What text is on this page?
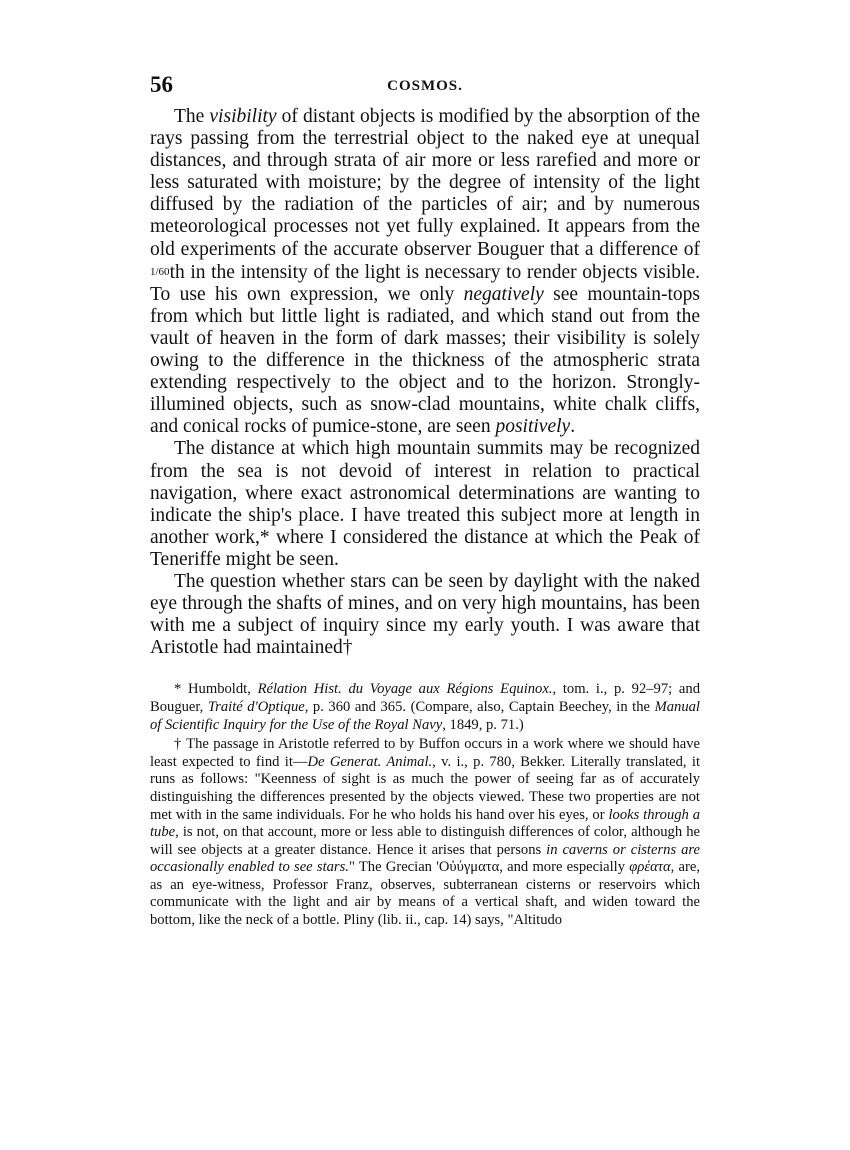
56	COSMOS.

The visibility of distant objects is modified by the absorption of the rays passing from the terrestrial object to the naked eye at unequal distances, and through strata of air more or less rarefied and more or less saturated with moisture; by the degree of intensity of the light diffused by the radiation of the particles of air; and by numerous meteorological processes not yet fully explained. It appears from the old experiments of the accurate observer Bouguer that a difference of 1/60th in the intensity of the light is necessary to render objects visible. To use his own expression, we only negatively see mountain-tops from which but little light is radiated, and which stand out from the vault of heaven in the form of dark masses; their visibility is solely owing to the difference in the thickness of the atmospheric strata extending respectively to the object and to the horizon. Strongly-illumined objects, such as snow-clad mountains, white chalk cliffs, and conical rocks of pumice-stone, are seen positively.

The distance at which high mountain summits may be recognized from the sea is not devoid of interest in relation to practical navigation, where exact astronomical determinations are wanting to indicate the ship's place. I have treated this subject more at length in another work,* where I considered the distance at which the Peak of Teneriffe might be seen.

The question whether stars can be seen by daylight with the naked eye through the shafts of mines, and on very high mountains, has been with me a subject of inquiry since my early youth. I was aware that Aristotle had maintained†

* Humboldt, Rélation Hist. du Voyage aux Régions Equinox., tom. i., p. 92–97; and Bouguer, Traité d'Optique, p. 360 and 365. (Compare, also, Captain Beechey, in the Manual of Scientific Inquiry for the Use of the Royal Navy, 1849, p. 71.)

† The passage in Aristotle referred to by Buffon occurs in a work where we should have least expected to find it—De Generat. Animal., v. i., p. 780, Bekker. Literally translated, it runs as follows: "Keenness of sight is as much the power of seeing far as of accurately distinguishing the differences presented by the objects viewed. These two properties are not met with in the same individuals. For he who holds his hand over his eyes, or looks through a tube, is not, on that account, more or less able to distinguish differences of color, although he will see objects at a greater distance. Hence it arises that persons in caverns or cisterns are occasionally enabled to see stars." The Grecian 'Οὐύγματα, and more especially φρέατα, are, as an eye-witness, Professor Franz, observes, subterranean cisterns or reservoirs which communicate with the light and air by means of a vertical shaft, and widen toward the bottom, like the neck of a bottle. Pliny (lib. ii., cap. 14) says, "Altitudo
